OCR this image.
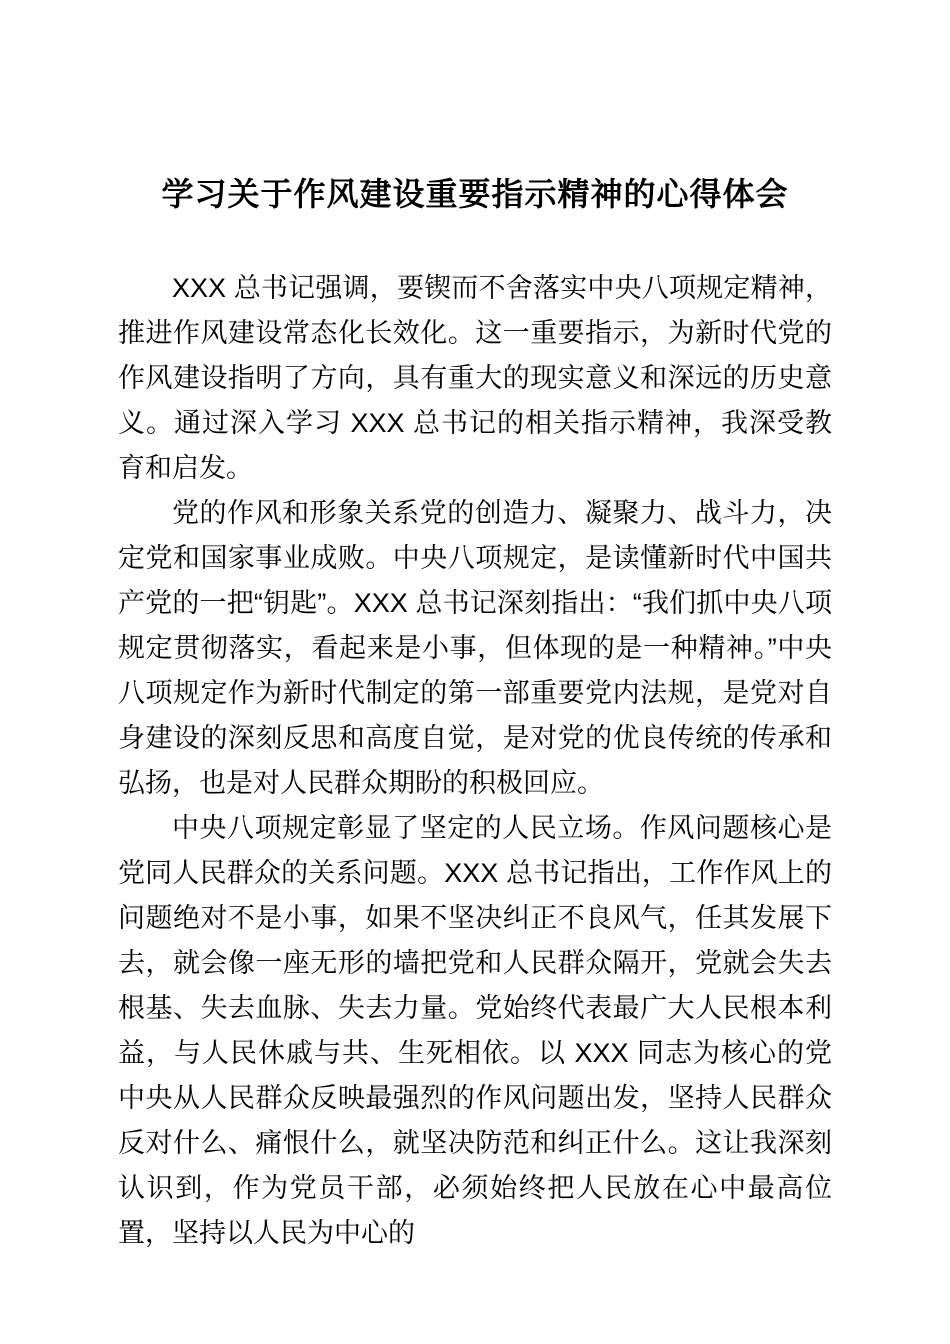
学习关于作风建设重要指示精神的心得体会

XXX 总书记强调，要锲而不舍落实中央八项规定精神，推进作风建设常态化长效化。这一重要指示，为新时代党的作风建设指明了方向，具有重大的现实意义和深远的历史意义。通过深入学习 XXX 总书记的相关指示精神，我深受教育和启发。

党的作风和形象关系党的创造力、凝聚力、战斗力，决定党和国家事业成败。中央八项规定，是读懂新时代中国共产党的一把“钥匙”。XXX 总书记深刻指出：“我们抓中央八项规定贯彻落实，看起来是小事，但体现的是一种精神。”中央八项规定作为新时代制定的第一部重要党内法规，是党对自身建设的深刻反思和高度自觉，是对党的优良传统的传承和弘扬，也是对人民群众期盼的积极回应。

中央八项规定彰显了坚定的人民立场。作风问题核心是党同人民群众的关系问题。XXX 总书记指出，工作作风上的问题绝对不是小事，如果不坚决纠正不良风气，任其发展下去，就会像一座无形的墙把党和人民群众隔开，党就会失去根基、失去血脉、失去力量。党始终代表最广大人民根本利益，与人民休戚与共、生死相依。以 XXX 同志为核心的党中央从人民群众反映最强烈的作风问题出发，坚持人民群众反对什么、痛恨什么，就坚决防范和纠正什么。这让我深刻认识到，作为党员干部，必须始终把人民放在心中最高位置，坚持以人民为中心的
